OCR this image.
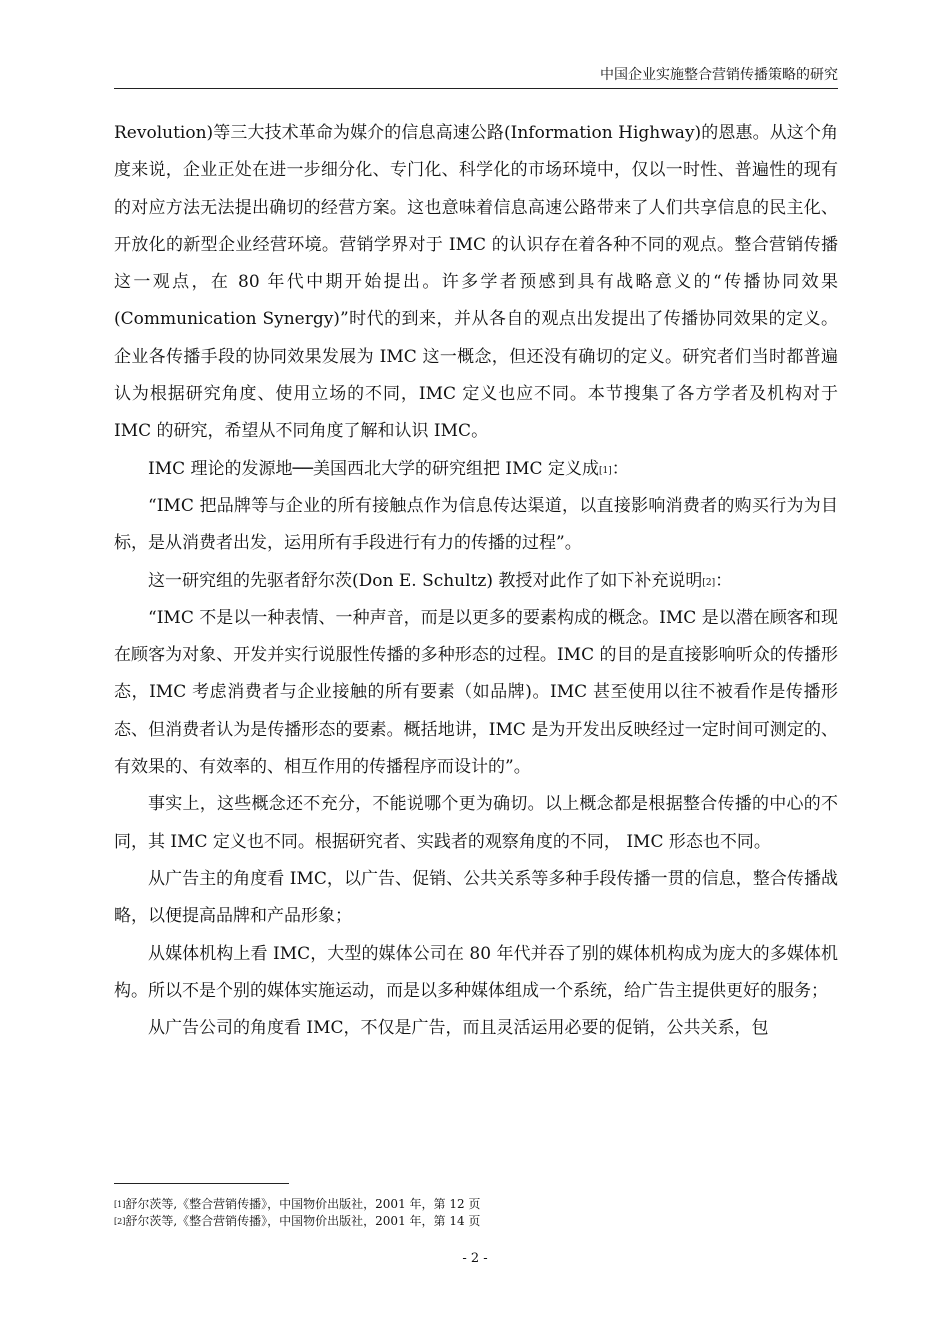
中国企业实施整合营销传播策略的研究

Revolution)等三大技术革命为媒介的信息高速公路(Information Highway)的恩惠。从这个角度来说，企业正处在进一步细分化、专门化、科学化的市场环境中，仅以一时性、普遍性的现有的对应方法无法提出确切的经营方案。这也意味着信息高速公路带来了人们共享信息的民主化、开放化的新型企业经营环境。营销学界对于 IMC 的认识存在着各种不同的观点。整合营销传播这一观点，在 80 年代中期开始提出。许多学者预感到具有战略意义的“传播协同效果(Communication Synergy)”时代的到来，并从各自的观点出发提出了传播协同效果的定义。企业各传播手段的协同效果发展为 IMC 这一概念，但还没有确切的定义。研究者们当时都普遍认为根据研究角度、使用立场的不同，IMC 定义也应不同。本节搜集了各方学者及机构对于 IMC 的研究，希望从不同角度了解和认识 IMC。

IMC 理论的发源地──美国西北大学的研究组把 IMC 定义成[1]：

“IMC 把品牌等与企业的所有接触点作为信息传达渠道，以直接影响消费者的购买行为为目标，是从消费者出发，运用所有手段进行有力的传播的过程”。

这一研究组的先驱者舒尔茨(Don E. Schultz) 教授对此作了如下补充说明[2]：

“IMC 不是以一种表情、一种声音，而是以更多的要素构成的概念。IMC 是以潜在顾客和现在顾客为对象、开发并实行说服性传播的多种形态的过程。IMC 的目的是直接影响听众的传播形态，IMC 考虑消费者与企业接触的所有要素（如品牌)。IMC 甚至使用以往不被看作是传播形态、但消费者认为是传播形态的要素。概括地讲，IMC 是为开发出反映经过一定时间可测定的、有效果的、有效率的、相互作用的传播程序而设计的”。

事实上，这些概念还不充分，不能说哪个更为确切。以上概念都是根据整合传播的中心的不同，其 IMC 定义也不同。根据研究者、实践者的观察角度的不同， IMC 形态也不同。

从广告主的角度看 IMC，以广告、促销、公共关系等多种手段传播一贯的信息，整合传播战略，以便提高品牌和产品形象；

从媒体机构上看 IMC，大型的媒体公司在 80 年代并吞了别的媒体机构成为庞大的多媒体机构。所以不是个别的媒体实施运动，而是以多种媒体组成一个系统，给广告主提供更好的服务；

从广告公司的角度看 IMC，不仅是广告，而且灵活运用必要的促销，公共关系，包

[1]舒尔茨等,《整合营销传播》，中国物价出版社，2001 年，第 12 页
[2]舒尔茨等,《整合营销传播》，中国物价出版社，2001 年，第 14 页
- 2 -
